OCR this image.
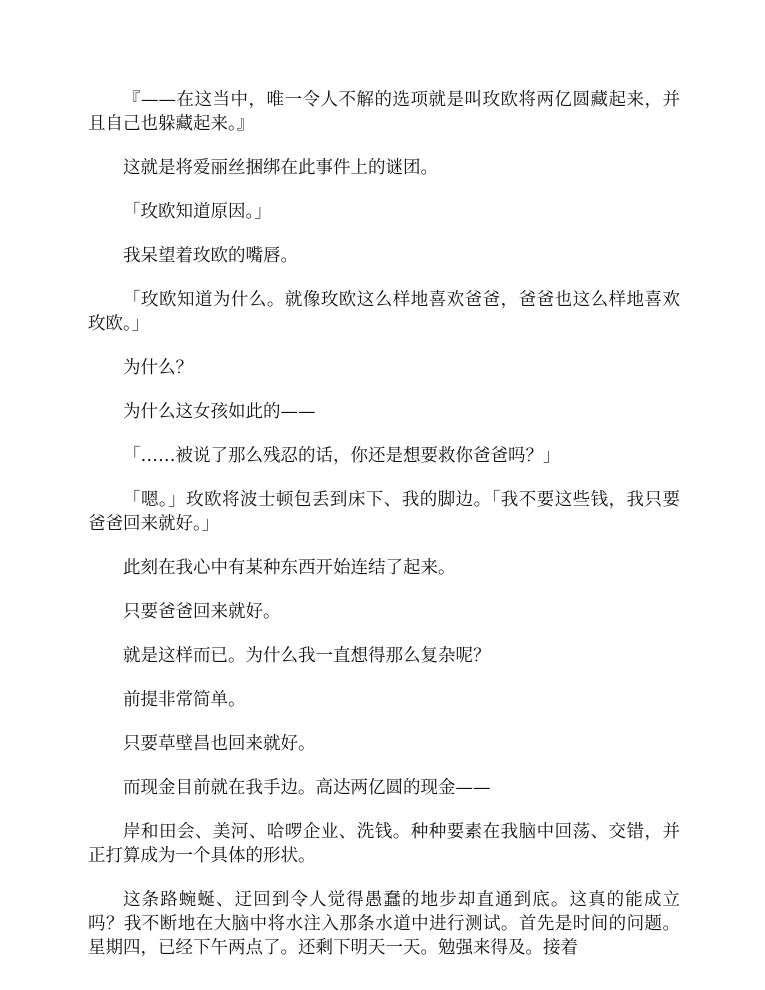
『——在这当中，唯一令人不解的选项就是叫玫欧将两亿圆藏起来，并且自己也躲藏起来。』

这就是将爱丽丝捆绑在此事件上的谜团。

「玫欧知道原因。」

我呆望着玫欧的嘴唇。

「玫欧知道为什么。就像玫欧这么样地喜欢爸爸，爸爸也这么样地喜欢玫欧。」

为什么？

为什么这女孩如此的——

「……被说了那么残忍的话，你还是想要救你爸爸吗？」

「嗯。」玫欧将波士顿包丢到床下、我的脚边。「我不要这些钱，我只要爸爸回来就好。」

此刻在我心中有某种东西开始连结了起来。

只要爸爸回来就好。

就是这样而已。为什么我一直想得那么复杂呢？

前提非常简单。

只要草壁昌也回来就好。

而现金目前就在我手边。高达两亿圆的现金——

岸和田会、美河、哈啰企业、洗钱。种种要素在我脑中回荡、交错，并正打算成为一个具体的形状。

这条路蜿蜒、迂回到令人觉得愚蠢的地步却直通到底。这真的能成立吗？我不断地在大脑中将水注入那条水道中进行测试。首先是时间的问题。星期四，已经下午两点了。还剩下明天一天。勉强来得及。接着
